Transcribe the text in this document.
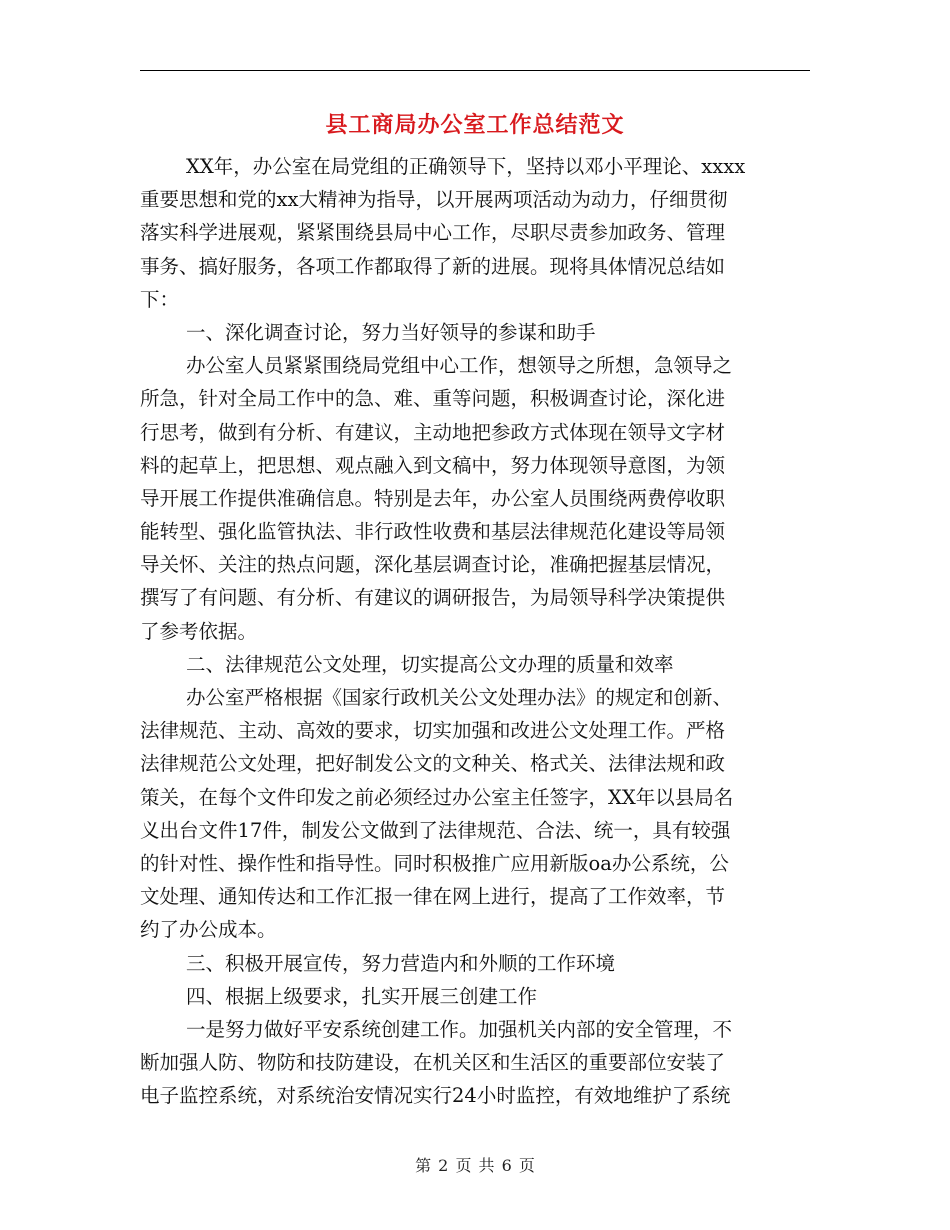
县工商局办公室工作总结范文
XX年，办公室在局党组的正确领导下，坚持以邓小平理论、xxxx
重要思想和党的xx大精神为指导，以开展两项活动为动力，仔细贯彻
落实科学进展观，紧紧围绕县局中心工作，尽职尽责参加政务、管理
事务、搞好服务，各项工作都取得了新的进展。现将具体情况总结如
下：
一、深化调查讨论，努力当好领导的参谋和助手
办公室人员紧紧围绕局党组中心工作，想领导之所想，急领导之
所急，针对全局工作中的急、难、重等问题，积极调查讨论，深化进
行思考，做到有分析、有建议，主动地把参政方式体现在领导文字材
料的起草上，把思想、观点融入到文稿中，努力体现领导意图，为领
导开展工作提供准确信息。特别是去年，办公室人员围绕两费停收职
能转型、强化监管执法、非行政性收费和基层法律规范化建设等局领
导关怀、关注的热点问题，深化基层调查讨论，准确把握基层情况，
撰写了有问题、有分析、有建议的调研报告，为局领导科学决策提供
了参考依据。
二、法律规范公文处理，切实提高公文办理的质量和效率
办公室严格根据《国家行政机关公文处理办法》的规定和创新、
法律规范、主动、高效的要求，切实加强和改进公文处理工作。严格
法律规范公文处理，把好制发公文的文种关、格式关、法律法规和政
策关，在每个文件印发之前必须经过办公室主任签字，XX年以县局名
义出台文件17件，制发公文做到了法律规范、合法、统一，具有较强
的针对性、操作性和指导性。同时积极推广应用新版oa办公系统，公
文处理、通知传达和工作汇报一律在网上进行，提高了工作效率，节
约了办公成本。
三、积极开展宣传，努力营造内和外顺的工作环境
四、根据上级要求，扎实开展三创建工作
一是努力做好平安系统创建工作。加强机关内部的安全管理，不
断加强人防、物防和技防建设，在机关区和生活区的重要部位安装了
电子监控系统，对系统治安情况实行24小时监控，有效地维护了系统
第 2 页 共 6 页
